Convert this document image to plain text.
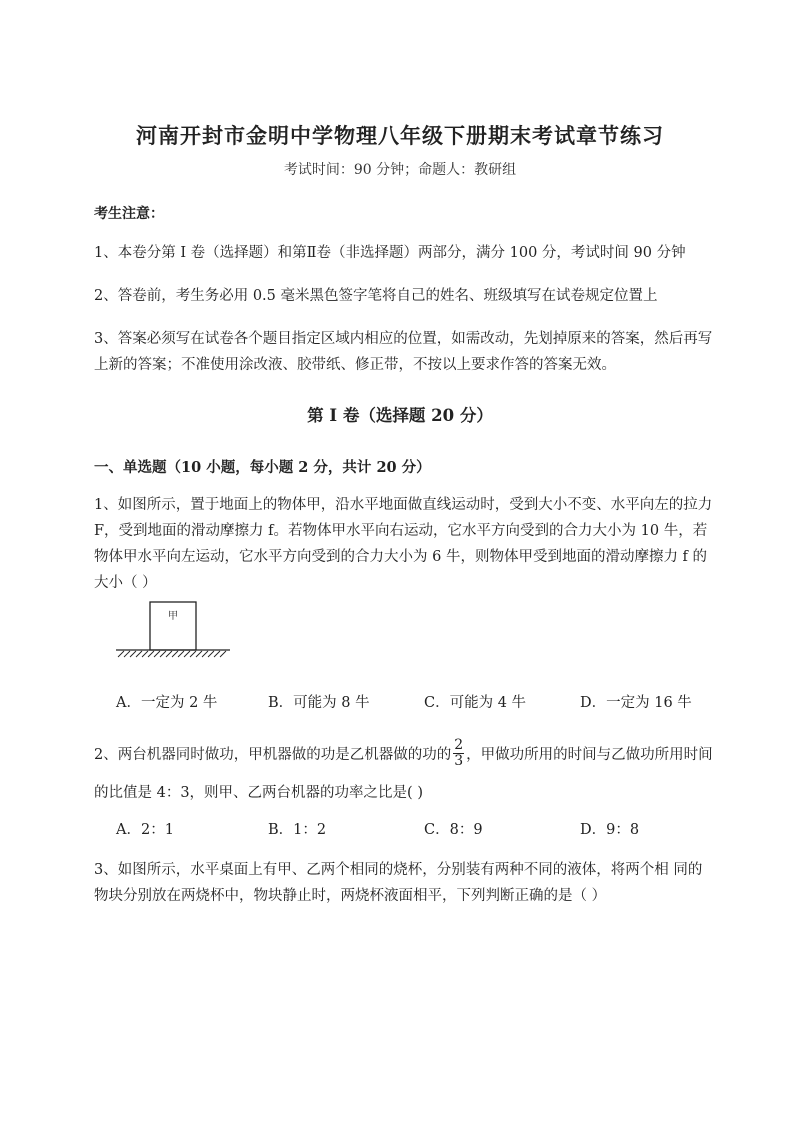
河南开封市金明中学物理八年级下册期末考试章节练习
考试时间：90 分钟；命题人：教研组
考生注意：
1、本卷分第 I 卷（选择题）和第Ⅱ卷（非选择题）两部分，满分 100 分，考试时间 90 分钟
2、答卷前，考生务必用 0.5 毫米黑色签字笔将自己的姓名、班级填写在试卷规定位置上
3、答案必须写在试卷各个题目指定区域内相应的位置，如需改动，先划掉原来的答案，然后再写上新的答案；不准使用涂改液、胶带纸、修正带，不按以上要求作答的答案无效。
第 I 卷（选择题 20 分）
一、单选题（10 小题，每小题 2 分，共计 20 分）
1、如图所示，置于地面上的物体甲，沿水平地面做直线运动时，受到大小不变、水平向左的拉力 F，受到地面的滑动摩擦力 f。若物体甲水平向右运动，它水平方向受到的合力大小为 10 牛，若物体甲水平向左运动，它水平方向受到的合力大小为 6 牛，则物体甲受到地面的滑动摩擦力 f 的大小（ ）
甲
A．一定为 2 牛	B．可能为 8 牛	C．可能为 4 牛	D．一定为 16 牛
2、两台机器同时做功，甲机器做的功是乙机器做的功的 $\frac{2}{3}$ ，甲做功所用的时间与乙做功所用时间的比值是 4：3，则甲、乙两台机器的功率之比是( )
A．2：1	B．1：2	C．8：9	D．9：8
3、如图所示，水平桌面上有甲、乙两个相同的烧杯，分别装有两种不同的液体，将两个相 同的物块分别放在两烧杯中，物块静止时，两烧杯液面相平，下列判断正确的是（ ）
